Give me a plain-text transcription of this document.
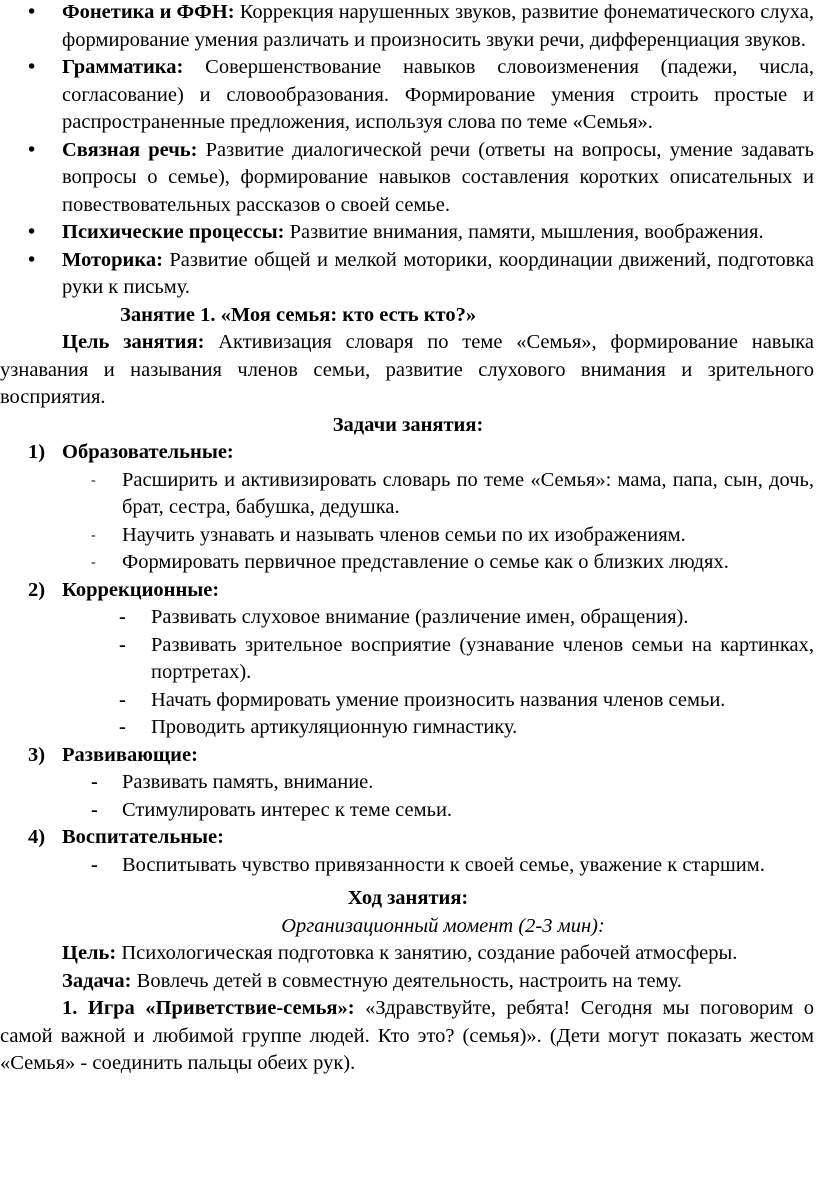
• Фонетика и ФФН: Коррекция нарушенных звуков, развитие фонематического слуха, формирование умения различать и произносить звуки речи, дифференциация звуков.
• Грамматика: Совершенствование навыков словоизменения (падежи, числа, согласование) и словообразования. Формирование умения строить простые и распространенные предложения, используя слова по теме «Семья».
• Связная речь: Развитие диалогической речи (ответы на вопросы, умение задавать вопросы о семье), формирование навыков составления коротких описательных и повествовательных рассказов о своей семье.
• Психические процессы: Развитие внимания, памяти, мышления, воображения.
• Моторика: Развитие общей и мелкой моторики, координации движений, подготовка руки к письму.
Занятие 1. «Моя семья: кто есть кто?»
Цель занятия: Активизация словаря по теме «Семья», формирование навыка узнавания и называния членов семьи, развитие слухового внимания и зрительного восприятия.
Задачи занятия:
1) Образовательные:
- Расширить и активизировать словарь по теме «Семья»: мама, папа, сын, дочь, брат, сестра, бабушка, дедушка.
- Научить узнавать и называть членов семьи по их изображениям.
- Формировать первичное представление о семье как о близких людях.
2) Коррекционные:
- Развивать слуховое внимание (различение имен, обращения).
- Развивать зрительное восприятие (узнавание членов семьи на картинках, портретах).
- Начать формировать умение произносить названия членов семьи.
- Проводить артикуляционную гимнастику.
3) Развивающие:
- Развивать память, внимание.
- Стимулировать интерес к теме семьи.
4) Воспитательные:
- Воспитывать чувство привязанности к своей семье, уважение к старшим.
Ход занятия:
Организационный момент (2-3 мин):
Цель: Психологическая подготовка к занятию, создание рабочей атмосферы.
Задача: Вовлечь детей в совместную деятельность, настроить на тему.
1. Игра «Приветствие-семья»: «Здравствуйте, ребята! Сегодня мы поговорим о самой важной и любимой группе людей. Кто это? (семья)». (Дети могут показать жестом «Семья» - соединить пальцы обеих рук).
